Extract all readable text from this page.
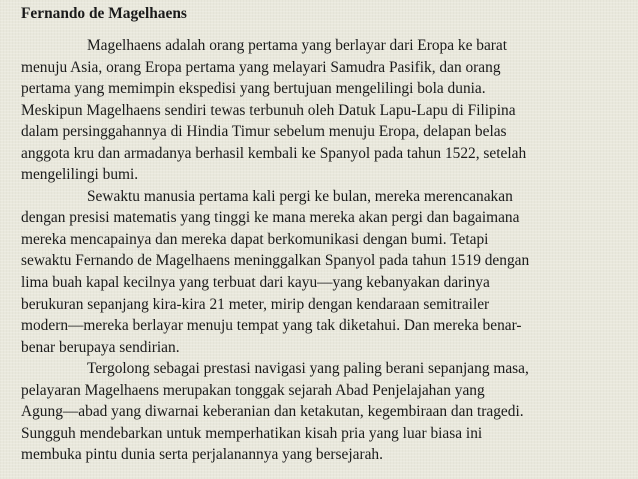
Fernando de Magelhaens

Magelhaens adalah orang pertama yang berlayar dari Eropa ke barat
menuju Asia, orang Eropa pertama yang melayari Samudra Pasifik, dan orang
pertama yang memimpin ekspedisi yang bertujuan mengelilingi bola dunia.
Meskipun Magelhaens sendiri tewas terbunuh oleh Datuk Lapu-Lapu di Filipina
dalam persinggahannya di Hindia Timur sebelum menuju Eropa, delapan belas
anggota kru dan armadanya berhasil kembali ke Spanyol pada tahun 1522, setelah
mengelilingi bumi.

Sewaktu manusia pertama kali pergi ke bulan, mereka merencanakan
dengan presisi matematis yang tinggi ke mana mereka akan pergi dan bagaimana
mereka mencapainya dan mereka dapat berkomunikasi dengan bumi. Tetapi
sewaktu Fernando de Magelhaens meninggalkan Spanyol pada tahun 1519 dengan
lima buah kapal kecilnya yang terbuat dari kayu—yang kebanyakan darinya
berukuran sepanjang kira-kira 21 meter, mirip dengan kendaraan semitrailer
modern—mereka berlayar menuju tempat yang tak diketahui. Dan mereka benar-
benar berupaya sendirian.

Tergolong sebagai prestasi navigasi yang paling berani sepanjang masa,
pelayaran Magelhaens merupakan tonggak sejarah Abad Penjelajahan yang
Agung—abad yang diwarnai keberanian dan ketakutan, kegembiraan dan tragedi.
Sungguh mendebarkan untuk memperhatikan kisah pria yang luar biasa ini
membuka pintu dunia serta perjalanannya yang bersejarah.
